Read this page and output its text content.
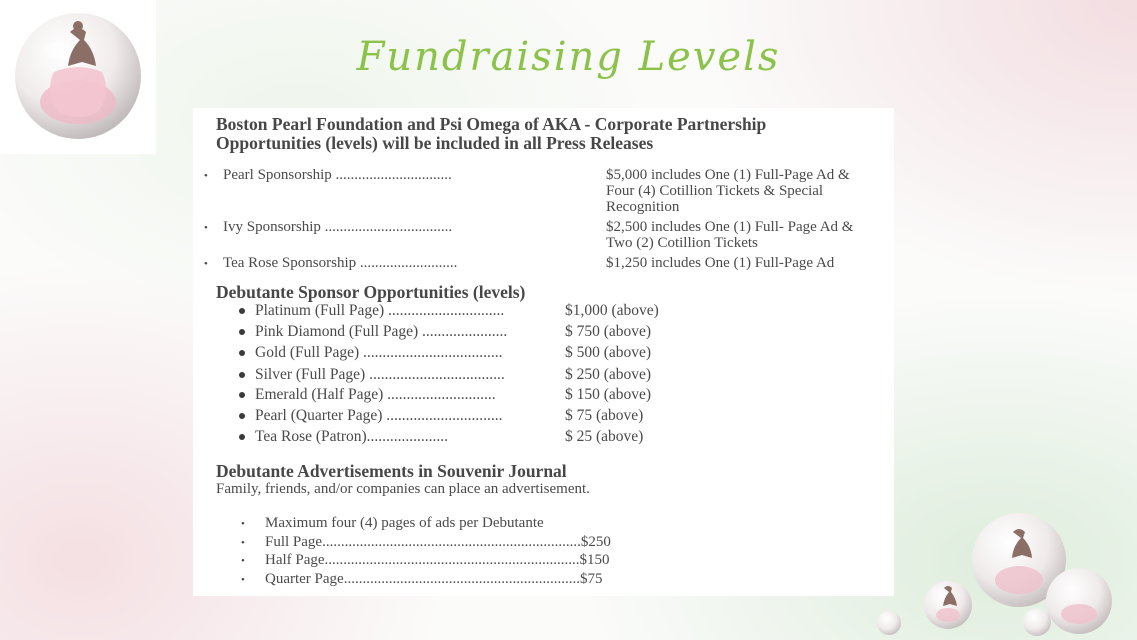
Fundraising Levels
Boston Pearl Foundation and Psi Omega of AKA - Corporate Partnership
Opportunities (levels) will be included in all Press Releases
• Pearl Sponsorship ...............................	$5,000 includes One (1) Full-Page Ad &
Four (4) Cotillion Tickets & Special
Recognition
• Ivy Sponsorship ..................................	$2,500 includes One (1) Full- Page Ad &
Two (2) Cotillion Tickets
• Tea Rose Sponsorship ..........................	$1,250 includes One (1) Full-Page Ad
Debutante Sponsor Opportunities (levels)
Platinum (Full Page) ..............................	$1,000 (above)
Pink Diamond (Full Page) ......................	$ 750 (above)
Gold (Full Page) ....................................	$ 500 (above)
Silver (Full Page) ...................................	$ 250 (above)
Emerald (Half Page) ............................	$ 150 (above)
Pearl (Quarter Page) ..............................	$ 75 (above)
Tea Rose (Patron).....................	$ 25 (above)
Debutante Advertisements in Souvenir Journal
Family, friends, and/or companies can place an advertisement.
• Maximum four (4) pages of ads per Debutante
• Full Page.....................................................................$250
• Half Page....................................................................$150
• Quarter Page...............................................................$75
